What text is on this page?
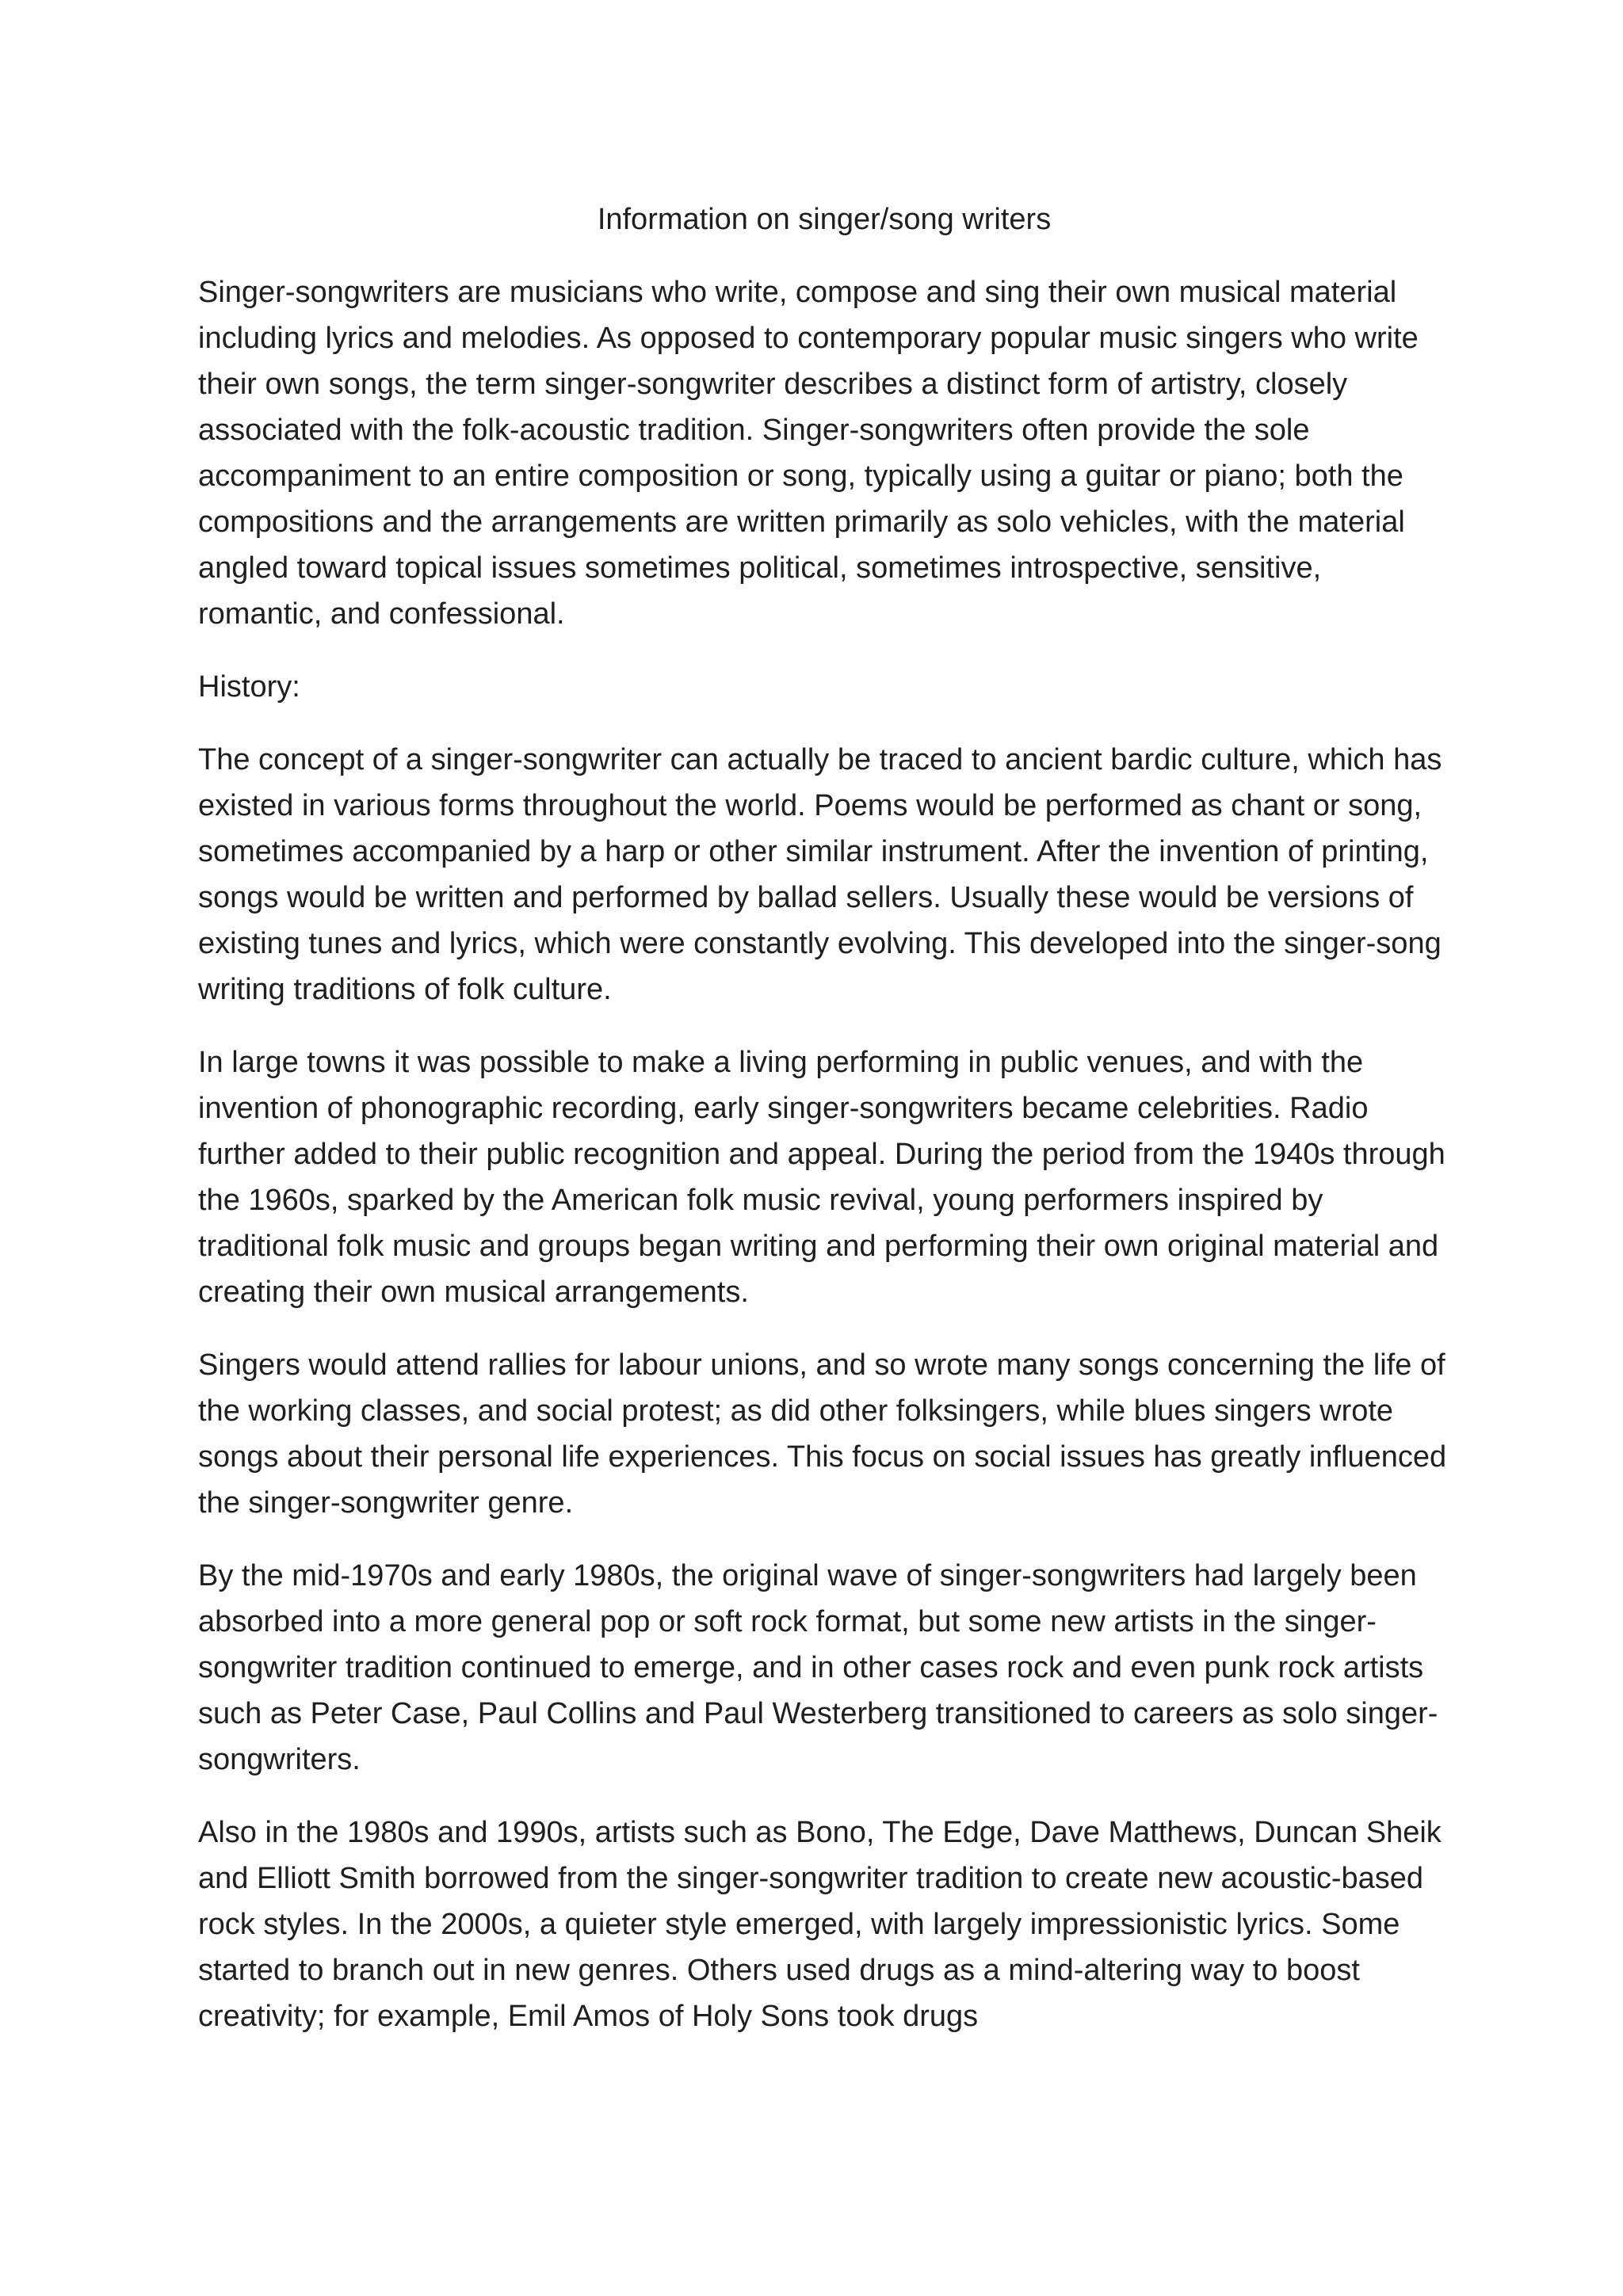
Information on singer/song writers

Singer-songwriters are musicians who write, compose and sing their own musical material including lyrics and melodies. As opposed to contemporary popular music singers who write their own songs, the term singer-songwriter describes a distinct form of artistry, closely associated with the folk-acoustic tradition. Singer-songwriters often provide the sole accompaniment to an entire composition or song, typically using a guitar or piano; both the compositions and the arrangements are written primarily as solo vehicles, with the material angled toward topical issues sometimes political, sometimes introspective, sensitive, romantic, and confessional.

History:

The concept of a singer-songwriter can actually be traced to ancient bardic culture, which has existed in various forms throughout the world. Poems would be performed as chant or song, sometimes accompanied by a harp or other similar instrument. After the invention of printing, songs would be written and performed by ballad sellers. Usually these would be versions of existing tunes and lyrics, which were constantly evolving. This developed into the singer-song writing traditions of folk culture.

In large towns it was possible to make a living performing in public venues, and with the invention of phonographic recording, early singer-songwriters became celebrities. Radio further added to their public recognition and appeal. During the period from the 1940s through the 1960s, sparked by the American folk music revival, young performers inspired by traditional folk music and groups began writing and performing their own original material and creating their own musical arrangements.

Singers would attend rallies for labour unions, and so wrote many songs concerning the life of the working classes, and social protest; as did other folksingers, while blues singers wrote songs about their personal life experiences. This focus on social issues has greatly influenced the singer-songwriter genre.

By the mid-1970s and early 1980s, the original wave of singer-songwriters had largely been absorbed into a more general pop or soft rock format, but some new artists in the singer-songwriter tradition continued to emerge, and in other cases rock and even punk rock artists such as Peter Case, Paul Collins and Paul Westerberg transitioned to careers as solo singer-songwriters.

Also in the 1980s and 1990s, artists such as Bono, The Edge, Dave Matthews, Duncan Sheik and Elliott Smith borrowed from the singer-songwriter tradition to create new acoustic-based rock styles. In the 2000s, a quieter style emerged, with largely impressionistic lyrics. Some started to branch out in new genres. Others used drugs as a mind-altering way to boost creativity; for example, Emil Amos of Holy Sons took drugs
